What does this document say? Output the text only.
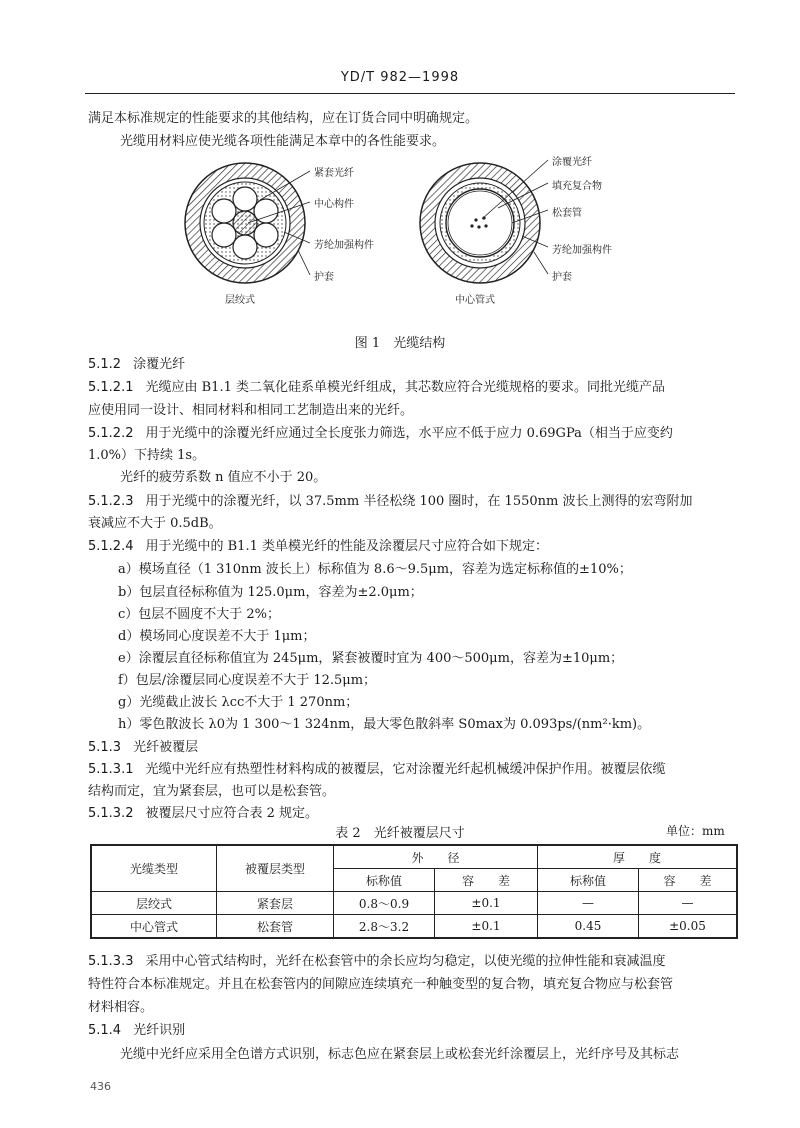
YD/T 982—1998
满足本标准规定的性能要求的其他结构，应在订货合同中明确规定。
光缆用材料应使光缆各项性能满足本章中的各性能要求。
紧套光纤
中心构件
芳纶加强构件
护套
层绞式
涂覆光纤
填充复合物
松套管
芳纶加强构件
护套
中心管式
图 1　光缆结构
5.1.2 涂覆光纤
5.1.2.1 光缆应由 B1.1 类二氧化硅系单模光纤组成，其芯数应符合光缆规格的要求。同批光缆产品
应使用同一设计、相同材料和相同工艺制造出来的光纤。
5.1.2.2 用于光缆中的涂覆光纤应通过全长度张力筛选，水平应不低于应力 0.69GPa（相当于应变约
1.0%）下持续 1s。
光纤的疲劳系数 n 值应不小于 20。
5.1.2.3 用于光缆中的涂覆光纤，以 37.5mm 半径松绕 100 圈时，在 1550nm 波长上测得的宏弯附加
衰减应不大于 0.5dB。
5.1.2.4 用于光缆中的 B1.1 类单模光纤的性能及涂覆层尺寸应符合如下规定：
a）模场直径（1 310nm 波长上）标称值为 8.6～9.5μm，容差为选定标称值的±10%；
b）包层直径标称值为 125.0μm，容差为±2.0μm；
c）包层不圆度不大于 2%；
d）模场同心度误差不大于 1μm；
e）涂覆层直径标称值宜为 245μm，紧套被覆时宜为 400～500μm，容差为±10μm；
f）包层/涂覆层同心度误差不大于 12.5μm；
g）光缆截止波长 λcc不大于 1 270nm；
h）零色散波长 λ0为 1 300～1 324nm，最大零色散斜率 S0max为 0.093ps/(nm²·km)。
5.1.3 光纤被覆层
5.1.3.1 光缆中光纤应有热塑性材料构成的被覆层，它对涂覆光纤起机械缓冲保护作用。被覆层依缆
结构而定，宜为紧套层，也可以是松套管。
5.1.3.2 被覆层尺寸应符合表 2 规定。
表 2　光纤被覆层尺寸	单位：mm
光缆类型	被覆层类型	外　　径		厚　　度	
		标称值	容　　差	标称值	容　　差
层绞式	紧套层	0.8～0.9	±0.1	—	—
中心管式	松套管	2.8～3.2	±0.1	0.45	±0.05
5.1.3.3 采用中心管式结构时，光纤在松套管中的余长应均匀稳定，以使光缆的拉伸性能和衰减温度
特性符合本标准规定。并且在松套管内的间隙应连续填充一种触变型的复合物，填充复合物应与松套管
材料相容。
5.1.4 光纤识别
光缆中光纤应采用全色谱方式识别，标志色应在紧套层上或松套光纤涂覆层上，光纤序号及其标志
436
